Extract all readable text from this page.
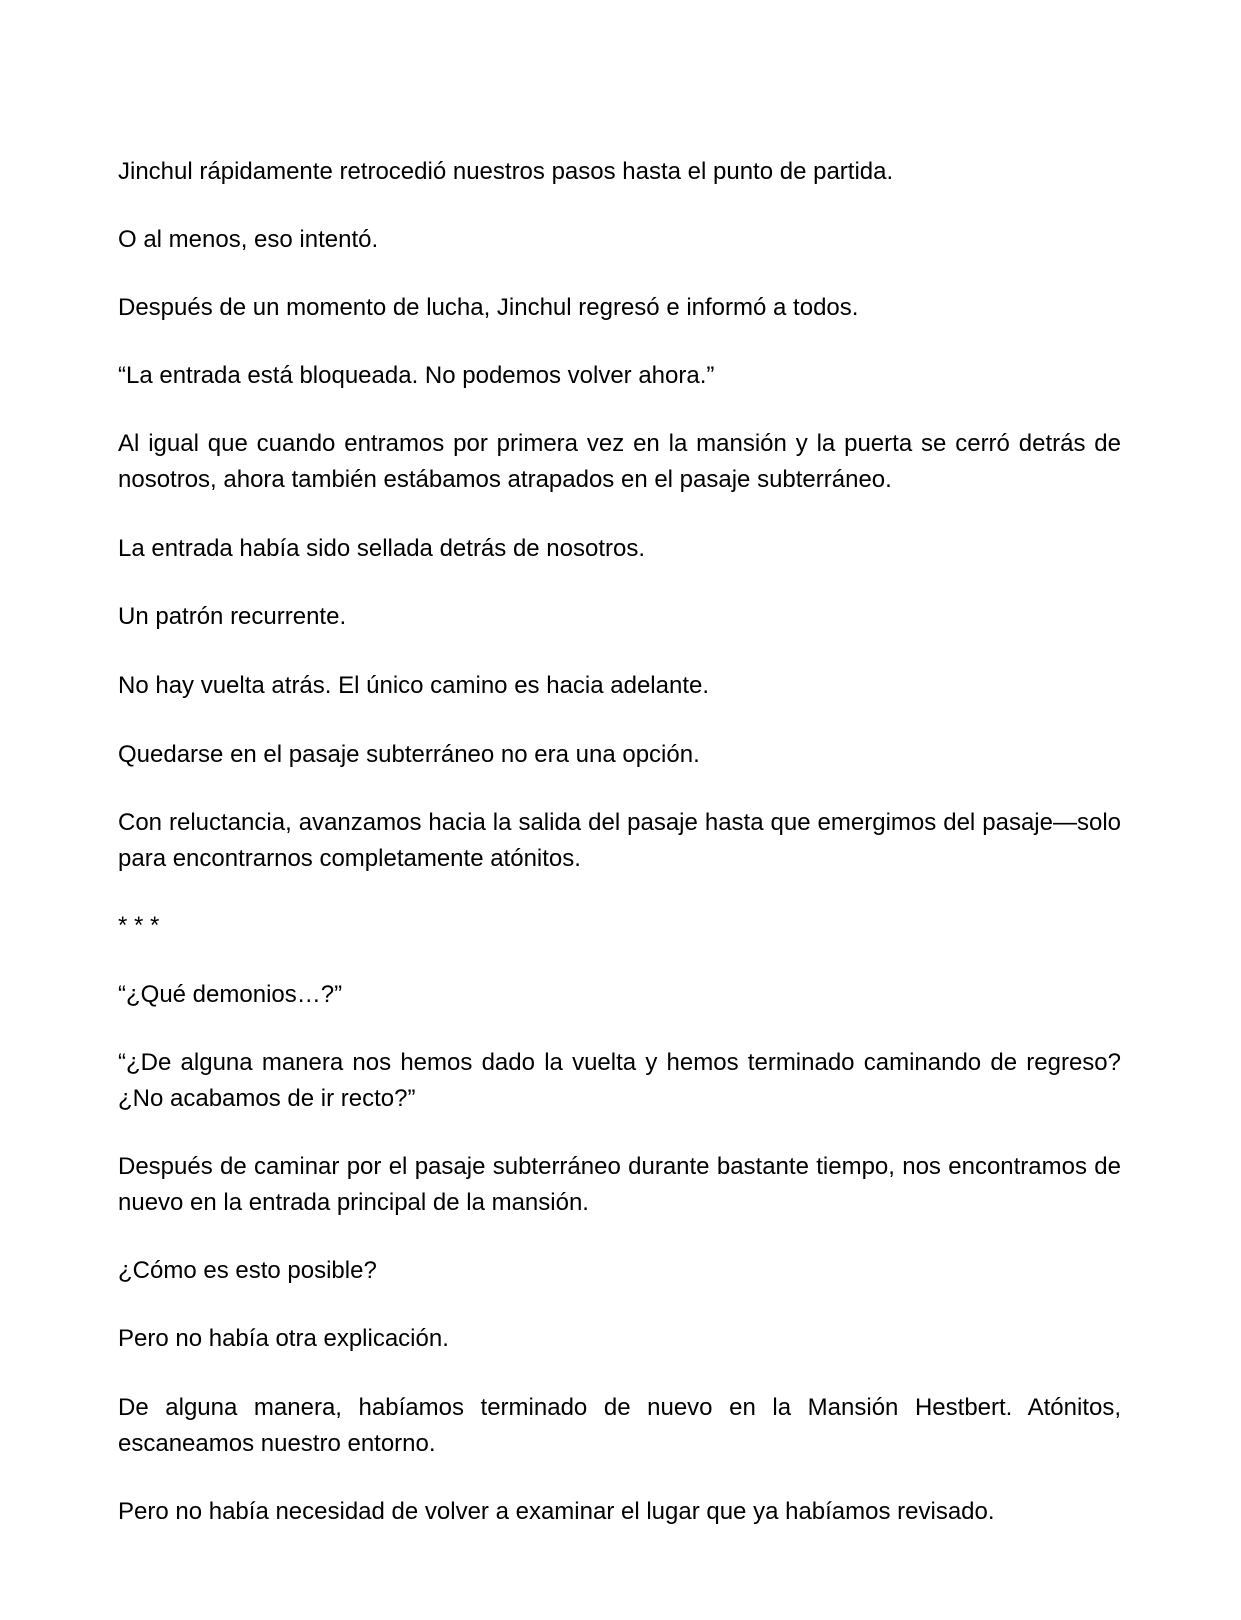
Jinchul rápidamente retrocedió nuestros pasos hasta el punto de partida.

O al menos, eso intentó.

Después de un momento de lucha, Jinchul regresó e informó a todos.

“La entrada está bloqueada. No podemos volver ahora.”

Al igual que cuando entramos por primera vez en la mansión y la puerta se cerró detrás de nosotros, ahora también estábamos atrapados en el pasaje subterráneo.

La entrada había sido sellada detrás de nosotros.

Un patrón recurrente.

No hay vuelta atrás. El único camino es hacia adelante.

Quedarse en el pasaje subterráneo no era una opción.

Con reluctancia, avanzamos hacia la salida del pasaje hasta que emergimos del pasaje—solo para encontrarnos completamente atónitos.

* * *

“¿Qué demonios…?”

“¿De alguna manera nos hemos dado la vuelta y hemos terminado caminando de regreso? ¿No acabamos de ir recto?”

Después de caminar por el pasaje subterráneo durante bastante tiempo, nos encontramos de nuevo en la entrada principal de la mansión.

¿Cómo es esto posible?

Pero no había otra explicación.

De alguna manera, habíamos terminado de nuevo en la Mansión Hestbert. Atónitos, escaneamos nuestro entorno.

Pero no había necesidad de volver a examinar el lugar que ya habíamos revisado.
